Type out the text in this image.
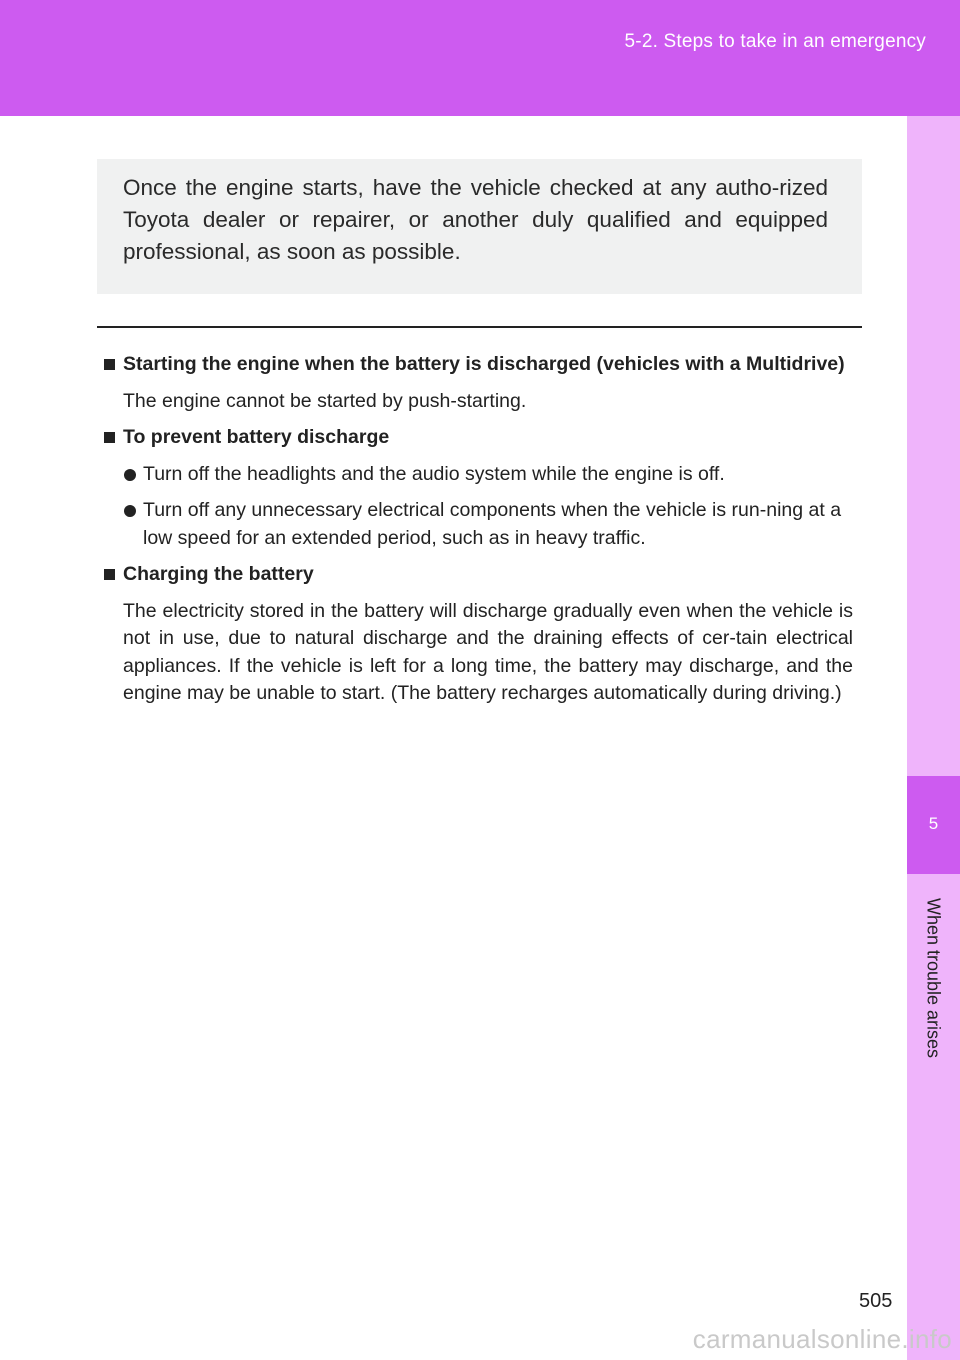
5-2. Steps to take in an emergency
5
When trouble arises

Once the engine starts, have the vehicle checked at any autho-rized Toyota dealer or repairer, or another duly qualified and equipped professional, as soon as possible.

Starting the engine when the battery is discharged (vehicles with a Multidrive)
The engine cannot be started by push-starting.
To prevent battery discharge
Turn off the headlights and the audio system while the engine is off.
Turn off any unnecessary electrical components when the vehicle is run-ning at a low speed for an extended period, such as in heavy traffic.
Charging the battery
The electricity stored in the battery will discharge gradually even when the vehicle is not in use, due to natural discharge and the draining effects of cer-tain electrical appliances. If the vehicle is left for a long time, the battery may discharge, and the engine may be unable to start. (The battery recharges automatically during driving.)
505
carmanualsonline.info
